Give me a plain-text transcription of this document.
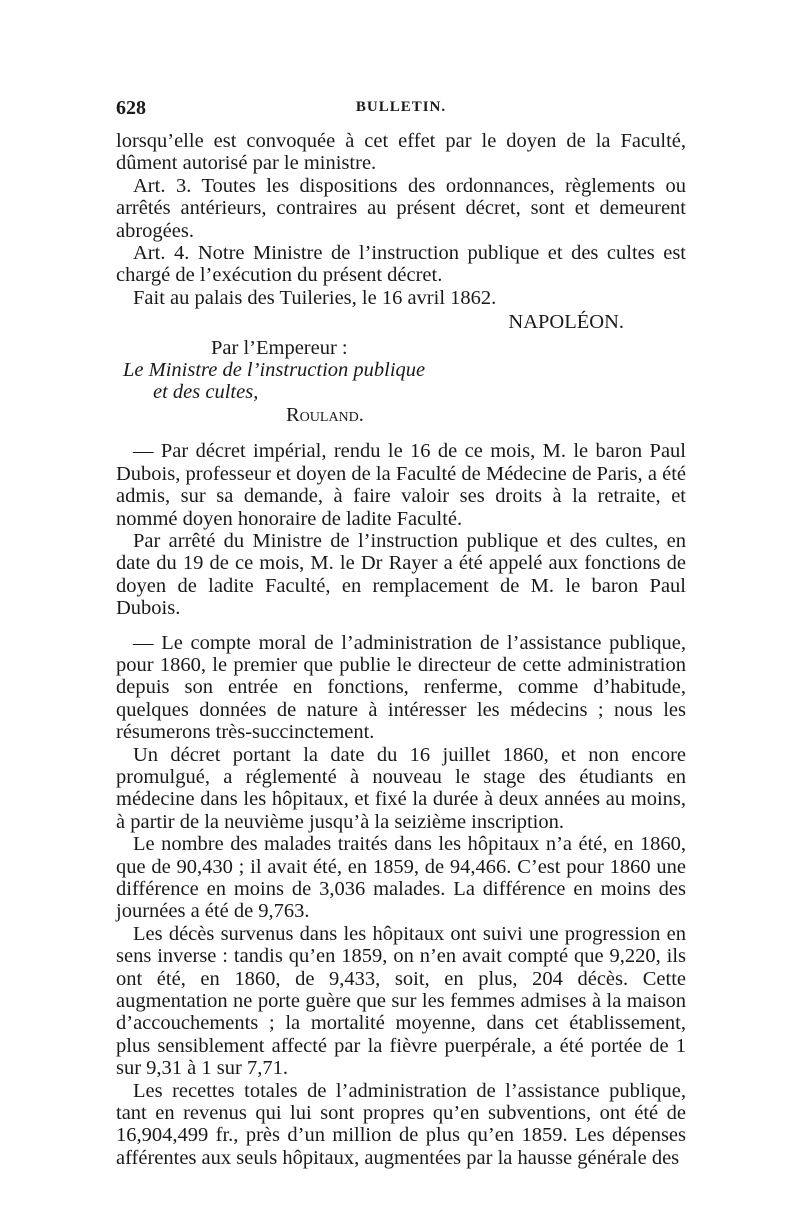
628	BULLETIN.

lorsqu’elle est convoquée à cet effet par le doyen de la Faculté, dûment autorisé par le ministre.

Art. 3. Toutes les dispositions des ordonnances, règlements ou arrêtés antérieurs, contraires au présent décret, sont et demeurent abrogées.

Art. 4. Notre Ministre de l’instruction publique et des cultes est chargé de l’exécution du présent décret.

Fait au palais des Tuileries, le 16 avril 1862.

NAPOLÉON.

Par l’Empereur :

Le Ministre de l’instruction publique

et des cultes,

Rouland.

— Par décret impérial, rendu le 16 de ce mois, M. le baron Paul Dubois, professeur et doyen de la Faculté de Médecine de Paris, a été admis, sur sa demande, à faire valoir ses droits à la retraite, et nommé doyen honoraire de ladite Faculté.

Par arrêté du Ministre de l’instruction publique et des cultes, en date du 19 de ce mois, M. le Dr Rayer a été appelé aux fonctions de doyen de ladite Faculté, en remplacement de M. le baron Paul Dubois.

— Le compte moral de l’administration de l’assistance publique, pour 1860, le premier que publie le directeur de cette administration depuis son entrée en fonctions, renferme, comme d’habitude, quelques données de nature à intéresser les médecins ; nous les résumerons très-succinctement.

Un décret portant la date du 16 juillet 1860, et non encore promulgué, a réglementé à nouveau le stage des étudiants en médecine dans les hôpitaux, et fixé la durée à deux années au moins, à partir de la neuvième jusqu’à la seizième inscription.

Le nombre des malades traités dans les hôpitaux n’a été, en 1860, que de 90,430 ; il avait été, en 1859, de 94,466. C’est pour 1860 une différence en moins de 3,036 malades. La différence en moins des journées a été de 9,763.

Les décès survenus dans les hôpitaux ont suivi une progression en sens inverse : tandis qu’en 1859, on n’en avait compté que 9,220, ils ont été, en 1860, de 9,433, soit, en plus, 204 décès. Cette augmentation ne porte guère que sur les femmes admises à la maison d’accouchements ; la mortalité moyenne, dans cet établissement, plus sensiblement affecté par la fièvre puerpérale, a été portée de 1 sur 9,31 à 1 sur 7,71.

Les recettes totales de l’administration de l’assistance publique, tant en revenus qui lui sont propres qu’en subventions, ont été de 16,904,499 fr., près d’un million de plus qu’en 1859. Les dépenses afférentes aux seuls hôpitaux, augmentées par la hausse générale des
